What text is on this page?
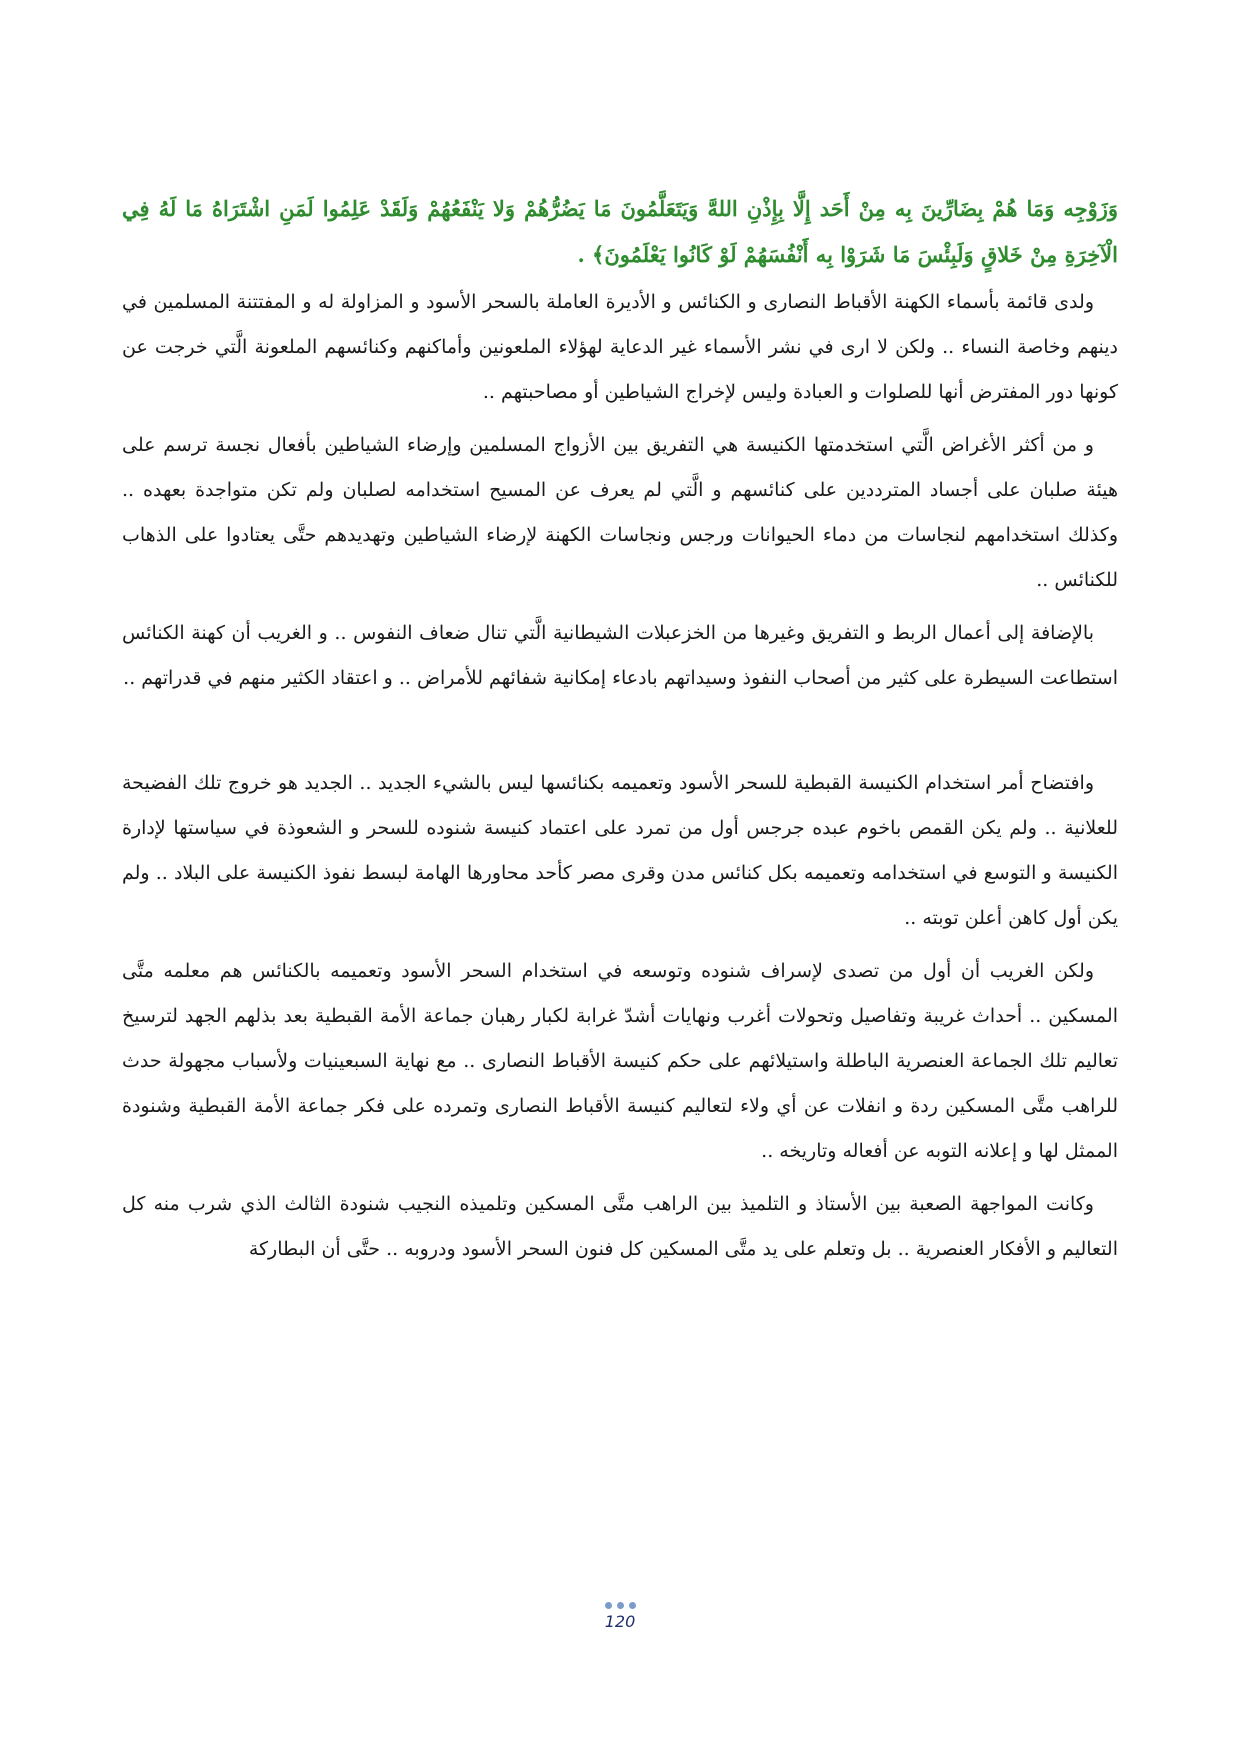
وَزَوْجِه وَمَا هُمْ بِضَارِّينَ بِه مِنْ أَحَد إِلَّا بِإِذْنِ اللهَّ وَيَتَعَلَّمُونَ مَا يَضُرُّهُمْ وَلا يَنْفَعُهُمْ وَلَقَدْ عَلِمُوا لَمَنِ اشْتَرَاهُ مَا لَهُ فِي الْآخِرَةِ مِنْ خَلاقٍ وَلَبِئْسَ مَا شَرَوْا بِه أَنْفُسَهُمْ لَوْ كَانُوا يَعْلَمُونَ﴾ .

ولدى قائمة بأسماء الكهنة الأقباط النصارى و الكنائس و الأديرة العاملة بالسحر الأسود و المزاولة له و المفتتنة المسلمين في دينهم وخاصة النساء .. ولكن لا ارى في نشر الأسماء غير الدعاية لهؤلاء الملعونين وأماكنهم وكنائسهم الملعونة الَّتي خرجت عن كونها دور المفترض أنها للصلوات و العبادة وليس لإخراج الشياطين أو مصاحبتهم ..

و من أكثر الأغراض الَّتي استخدمتها الكنيسة هي التفريق بين الأزواج المسلمين وإرضاء الشياطين بأفعال نجسة ترسم على هيئة صلبان على أجساد المترددين على كنائسهم و الَّتي لم يعرف عن المسيح استخدامه لصلبان ولم تكن متواجدة بعهده .. وكذلك استخدامهم لنجاسات من دماء الحيوانات ورجس ونجاسات الكهنة لإرضاء الشياطين وتهديدهم حتَّى يعتادوا على الذهاب للكنائس ..

بالإضافة إلى أعمال الربط و التفريق وغيرها من الخزعبلات الشيطانية الَّتي تنال ضعاف النفوس .. و الغريب أن كهنة الكنائس استطاعت السيطرة على كثير من أصحاب النفوذ وسيداتهم بادعاء إمكانية شفائهم للأمراض .. و اعتقاد الكثير منهم في قدراتهم ..

وافتضاح أمر استخدام الكنيسة القبطية للسحر الأسود وتعميمه بكنائسها ليس بالشيء الجديد .. الجديد هو خروج تلك الفضيحة للعلانية .. ولم يكن القمص باخوم عبده جرجس أول من تمرد على اعتماد كنيسة شنوده للسحر و الشعوذة في سياستها لإدارة الكنيسة و التوسع في استخدامه وتعميمه بكل كنائس مدن وقرى مصر كأحد محاورها الهامة لبسط نفوذ الكنيسة على البلاد .. ولم يكن أول كاهن أعلن توبته ..

ولكن الغريب أن أول من تصدى لإسراف شنوده وتوسعه في استخدام السحر الأسود وتعميمه بالكنائس هم معلمه متَّى المسكين .. أحداث غريبة وتفاصيل وتحولات أغرب ونهايات أشدّ غرابة لكبار رهبان جماعة الأمة القبطية بعد بذلهم الجهد لترسيخ تعاليم تلك الجماعة العنصرية الباطلة واستيلائهم على حكم كنيسة الأقباط النصارى .. مع نهاية السبعينيات ولأسباب مجهولة حدث للراهب متَّى المسكين ردة و انفلات عن أي ولاء لتعاليم كنيسة الأقباط النصارى وتمرده على فكر جماعة الأمة القبطية وشنودة الممثل لها و إعلانه التوبه عن أفعاله وتاريخه ..

وكانت المواجهة الصعبة بين الأستاذ و التلميذ بين الراهب متَّى المسكين وتلميذه النجيب شنودة الثالث الذي شرب منه كل التعاليم و الأفكار العنصرية .. بل وتعلم على يد متَّى المسكين كل فنون السحر الأسود ودروبه .. حتَّى أن البطاركة

120
